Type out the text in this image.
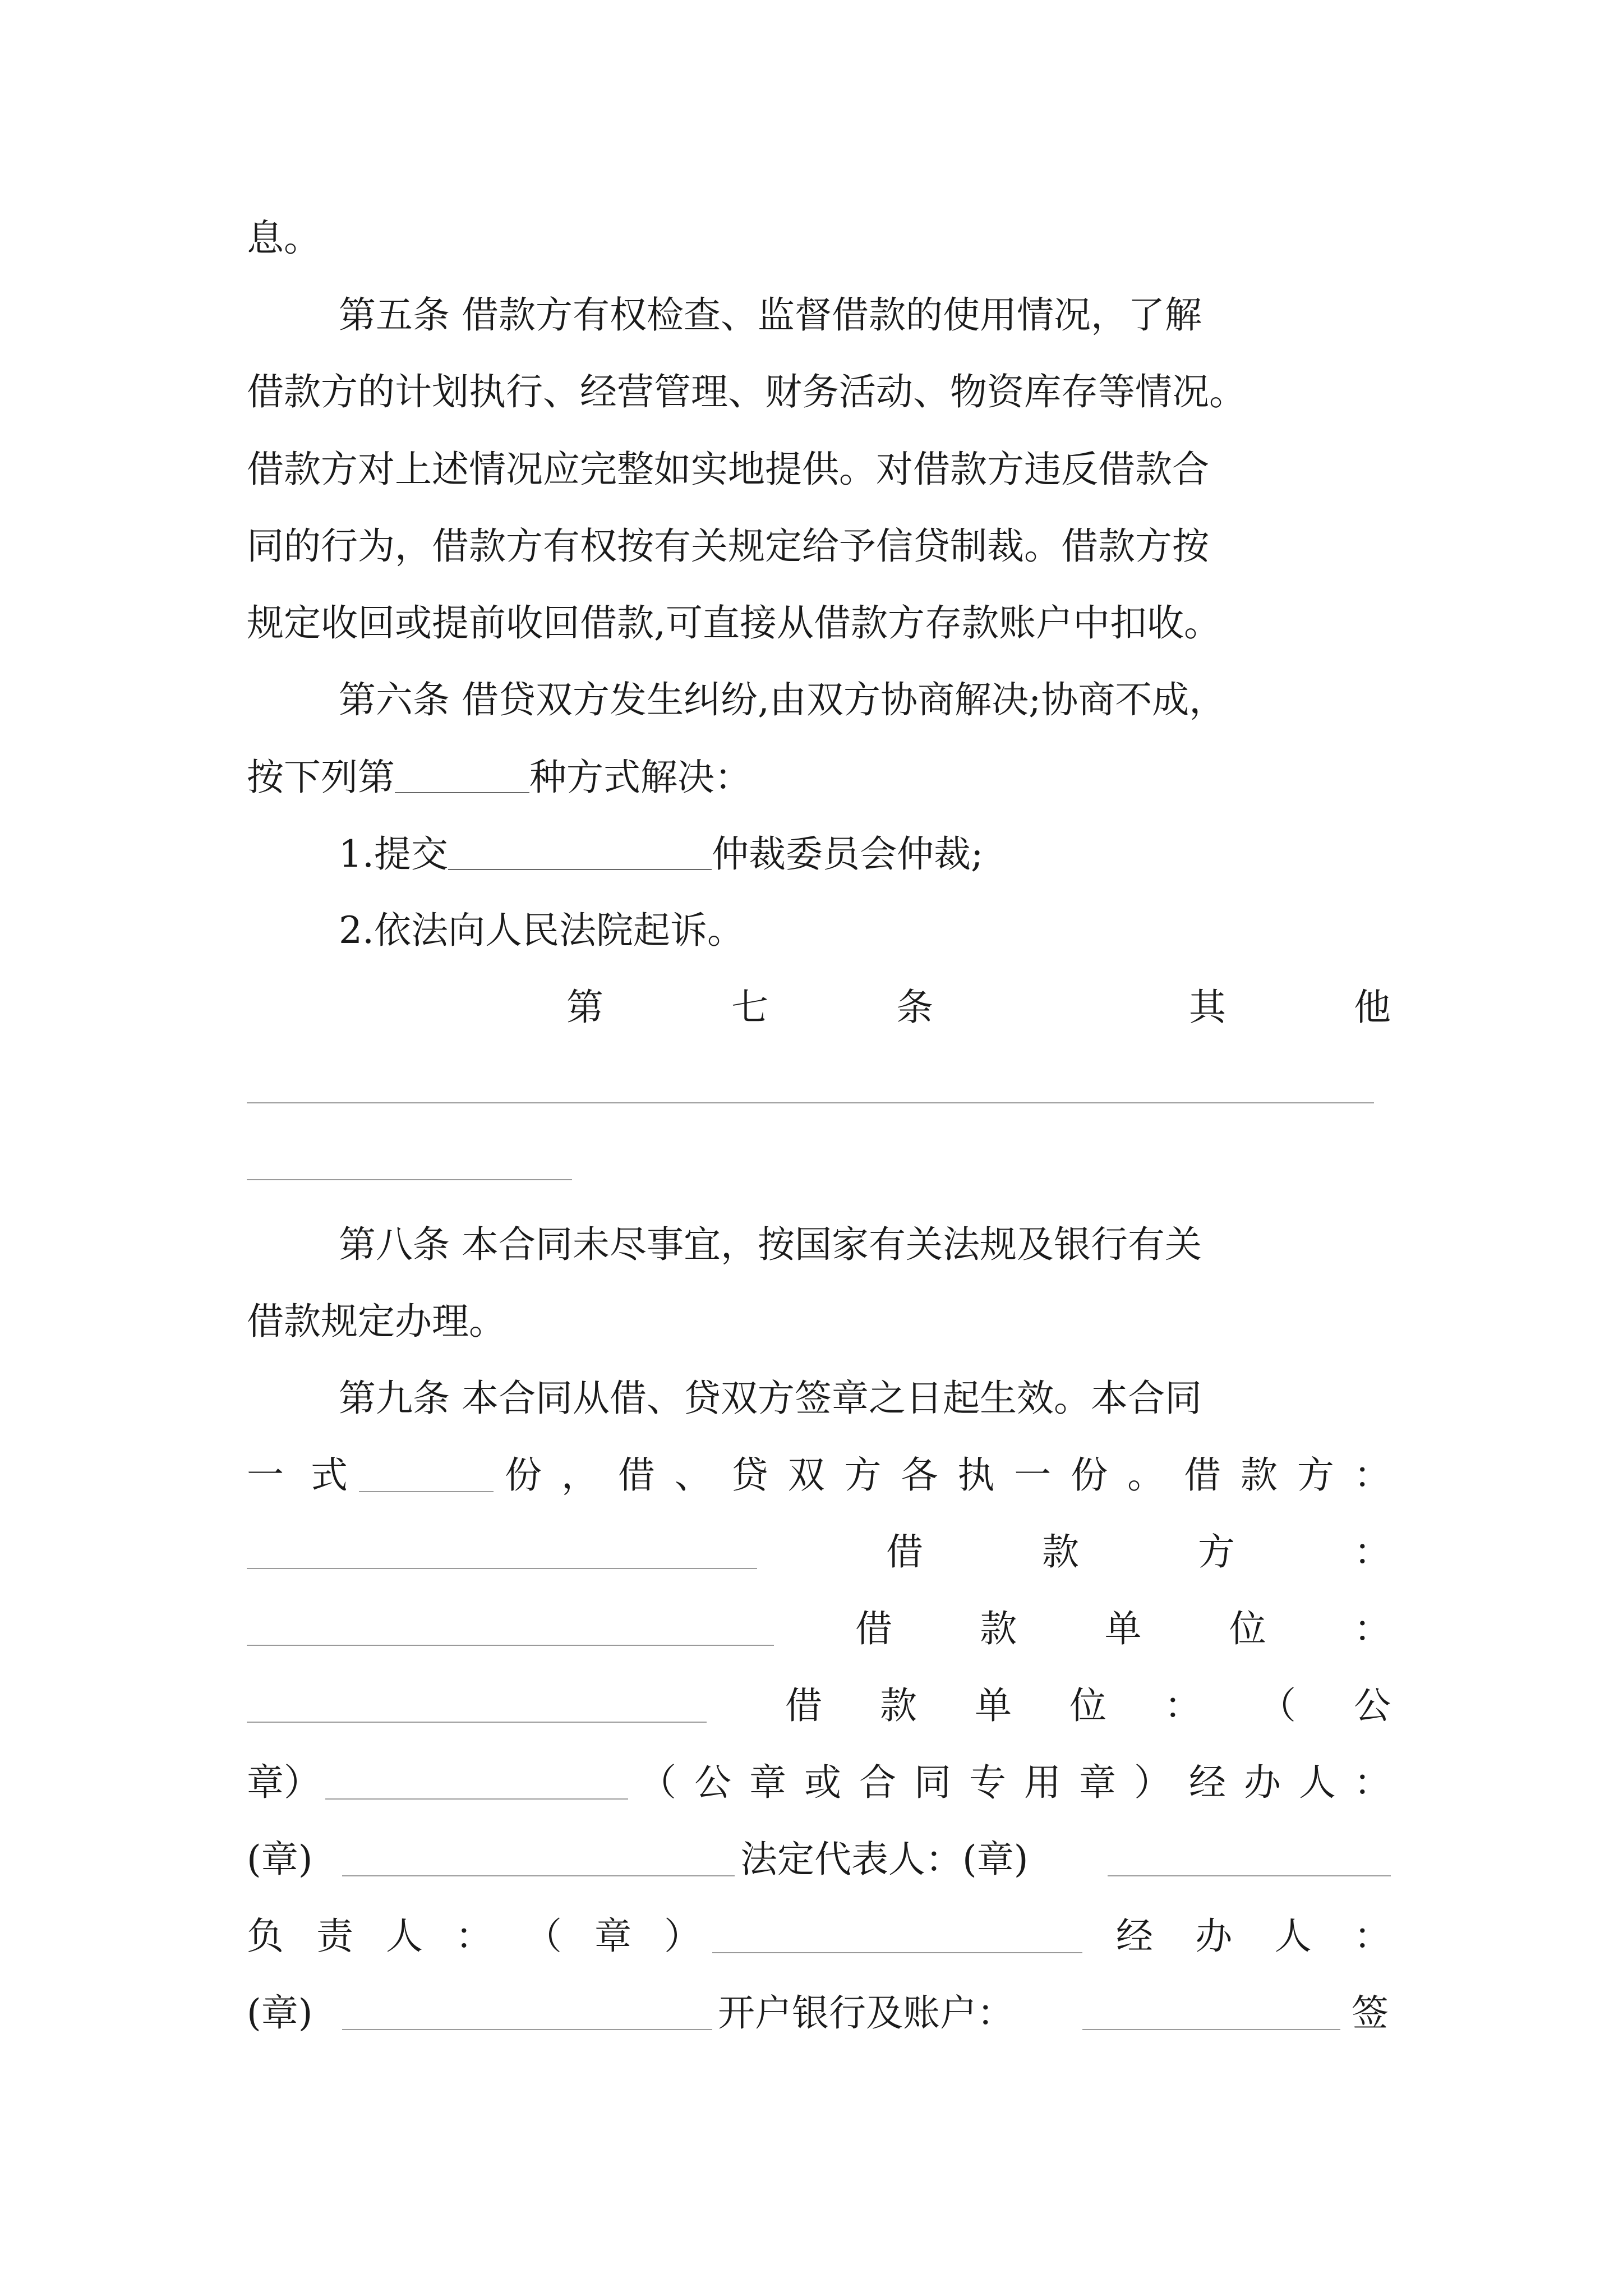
息。
第五条 借款方有权检查、监督借款的使用情况，了解
借款方的计划执行、经营管理、财务活动、物资库存等情况。
借款方对上述情况应完整如实地提供。对借款方违反借款合
同的行为，借款方有权按有关规定给予信贷制裁。借款方按
规定收回或提前收回借款,可直接从借款方存款账户中扣收。
第六条 借贷双方发生纠纷,由双方协商解决;协商不成，
按下列第	种方式解决：
1.提交	仲裁委员会仲裁;
2.依法向人民法院起诉。
第	七	条	其	他
第八条 本合同未尽事宜，按国家有关法规及银行有关
借款规定办理。
第九条 本合同从借、贷双方签章之日起生效。本合同
一 式	份 ， 借 、 贷 双 方 各 执 一 份 。 借 款 方 ：
借	款	方	：
借 款 单 位 ：
借 款 单 位 ： （ 公
章）	（ 公 章 或 合 同 专 用 章 ） 经 办 人 ：
(章)	法定代表人：(章)
负 责 人 ： （ 章 ）	经 办 人 ：
(章)	开户银行及账户：	签
